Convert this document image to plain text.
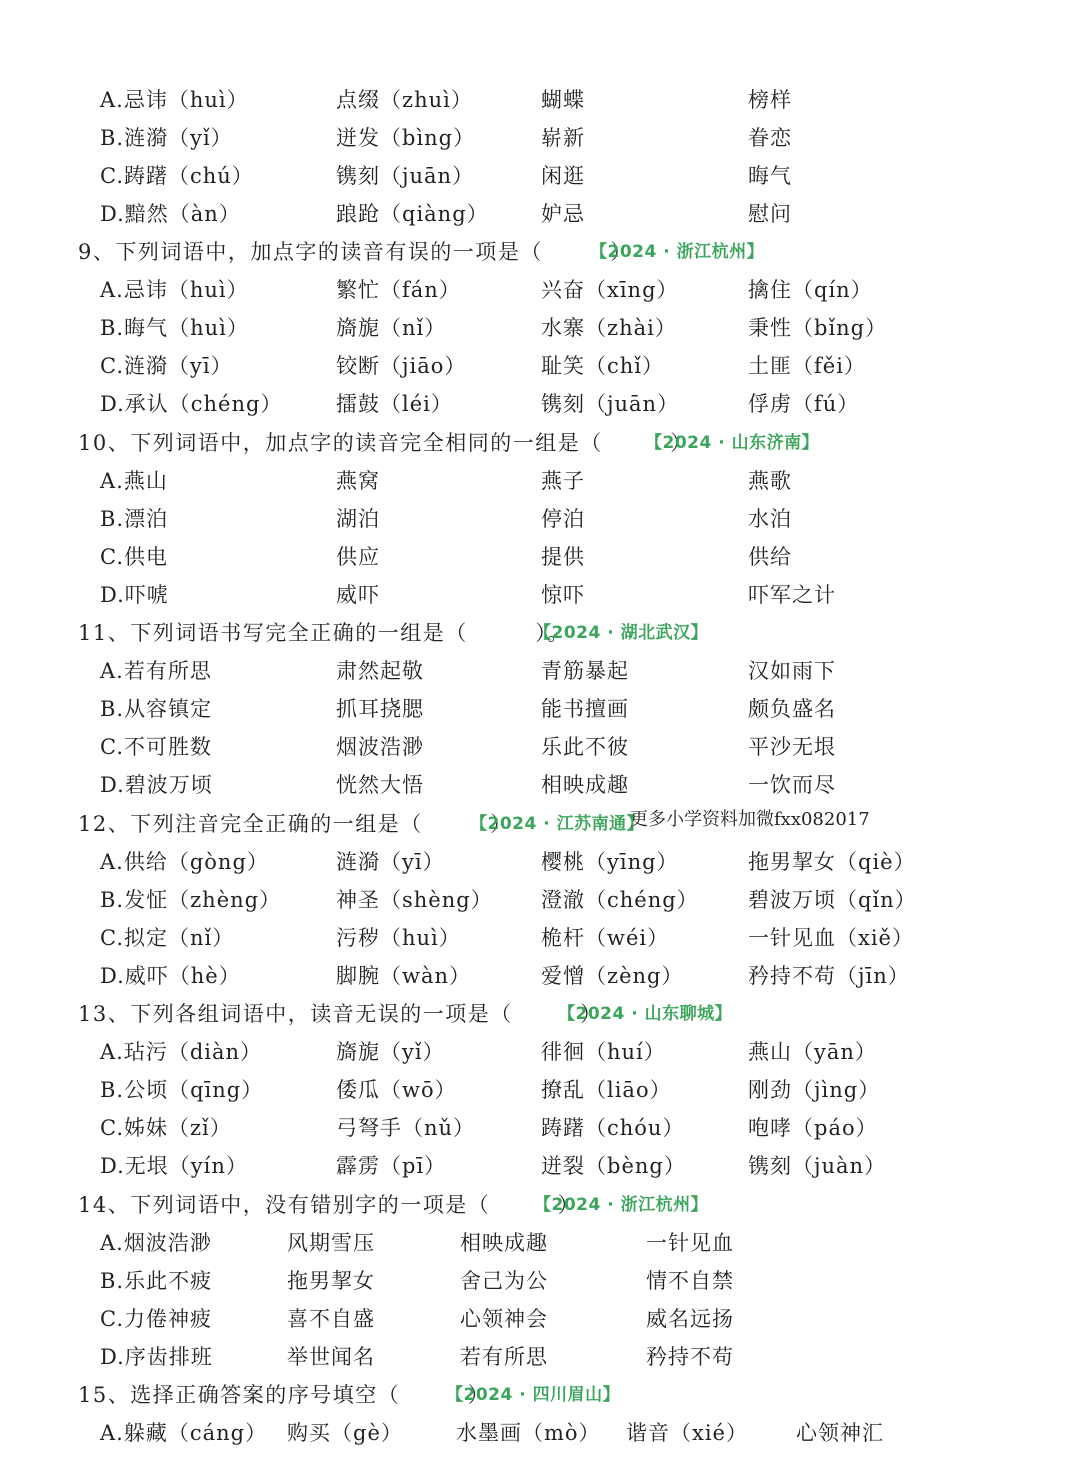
A.忌讳（huì）	点缀（zhuì）	蝴蝶	榜样
B.涟漪（yǐ）	迸发（bìng）	崭新	眷恋
C.踌躇（chú）	镌刻（juān）	闲逛	晦气
D.黯然（àn）	踉跄（qiàng） 妒忌	慰问
9、下列词语中，加点字的读音有误的一项是（　　　）
【2024 · 浙江杭州】
A.忌讳（huì）	繁忙（fán）	兴奋（xīng）	擒住（qín）
B.晦气（huì）	旖旎（nǐ）	水寨（zhài）	秉性（bǐng）
C.涟漪（yī）	铰断（jiāo）	耻笑（chǐ）	土匪（fěi）
D.承认（chéng）	擂鼓（léi）	镌刻（juān）	俘虏（fú）
10、下列词语中，加点字的读音完全相同的一组是（　　　）
【2024 · 山东济南】
A.燕山	燕窝	燕子	燕歌
B.漂泊	湖泊	停泊	水泊
C.供电	供应	提供	供给
D.吓唬	威吓	惊吓	吓军之计
11、下列词语书写完全正确的一组是（　　　）。
【2024 · 湖北武汉】
A.若有所思	肃然起敬	青筋暴起	汉如雨下
B.从容镇定	抓耳挠腮	能书擅画	颇负盛名
C.不可胜数	烟波浩渺	乐此不彼	平沙无垠
D.碧波万顷	恍然大悟	相映成趣	一饮而尽
12、下列注音完全正确的一组是（　　　）
【2024 · 江苏南通】
更多小学资料加微fxx082017
A.供给（gòng）	涟漪（yī）	樱桃（yīng）	拖男挈女（qiè）
B.发怔（zhèng）	神圣（shèng） 澄澈（chéng） 碧波万顷（qǐn）
C.拟定（nǐ）	污秽（huì）	桅杆（wéi）	一针见血（xiě）
D.威吓（hè）	脚腕（wàn）	爱憎（zèng）	矜持不苟（jīn）
13、下列各组词语中，读音无误的一项是（　　　）
【2024 · 山东聊城】
A.玷污（diàn）	旖旎（yǐ）	徘徊（huí）	燕山（yān）
B.公顷（qīng）	倭瓜（wō）	撩乱（liāo）	刚劲（jìng）
C.姊妹（zǐ）	弓弩手（nǔ）	踌躇（chóu）	咆哮（páo）
D.无垠（yín）	霹雳（pī）	迸裂（bèng）	镌刻（juàn）
14、下列词语中，没有错别字的一项是（　　　）
【2024 · 浙江杭州】
A.烟波浩渺	风期雪压	相映成趣	一针见血
B.乐此不疲	拖男挈女	舍己为公	情不自禁
C.力倦神疲	喜不自盛	心领神会	威名远扬
D.序齿排班	举世闻名	若有所思	矜持不苟
15、选择正确答案的序号填空（　　　）
【2024 · 四川眉山】
A.躲藏（cáng） 购买（gè）	水墨画（mò） 谐音（xié） 心领神汇
